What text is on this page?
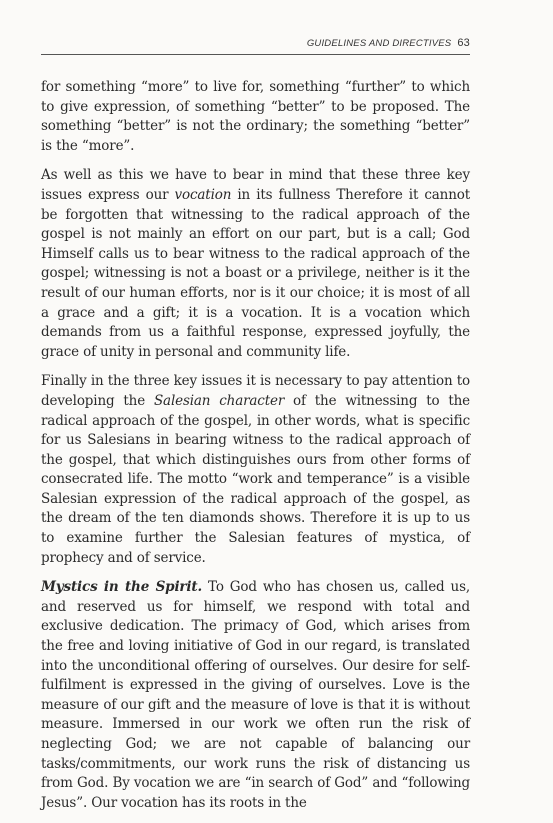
GUIDELINES AND DIRECTIVES 63

for something “more” to live for, something “further” to which to give expression, of something “better” to be proposed. The something “better” is not the ordinary; the something “better” is the “more”.

As well as this we have to bear in mind that these three key issues express our vocation in its fullness Therefore it cannot be forgotten that witnessing to the radical approach of the gospel is not mainly an effort on our part, but is a call; God Himself calls us to bear witness to the radical approach of the gospel; witnessing is not a boast or a privilege, neither is it the result of our human efforts, nor is it our choice; it is most of all a grace and a gift; it is a vocation. It is a vocation which demands from us a faithful response, expressed joyfully, the grace of unity in personal and community life.

Finally in the three key issues it is necessary to pay attention to developing the Salesian character of the witnessing to the radical approach of the gospel, in other words, what is specific for us Salesians in bearing witness to the radical approach of the gospel, that which distinguishes ours from other forms of consecrated life. The motto “work and temperance” is a visible Salesian expression of the radical approach of the gospel, as the dream of the ten diamonds shows. Therefore it is up to us to examine further the Salesian features of mystica, of prophecy and of service.

Mystics in the Spirit. To God who has chosen us, called us, and reserved us for himself, we respond with total and exclusive dedication. The primacy of God, which arises from the free and loving initiative of God in our regard, is translated into the unconditional offering of ourselves. Our desire for self-fulfilment is expressed in the giving of ourselves. Love is the measure of our gift and the measure of love is that it is without measure. Immersed in our work we often run the risk of neglecting God; we are not capable of balancing our tasks/commitments, our work runs the risk of distancing us from God. By vocation we are “in search of God” and “following Jesus”. Our vocation has its roots in the
